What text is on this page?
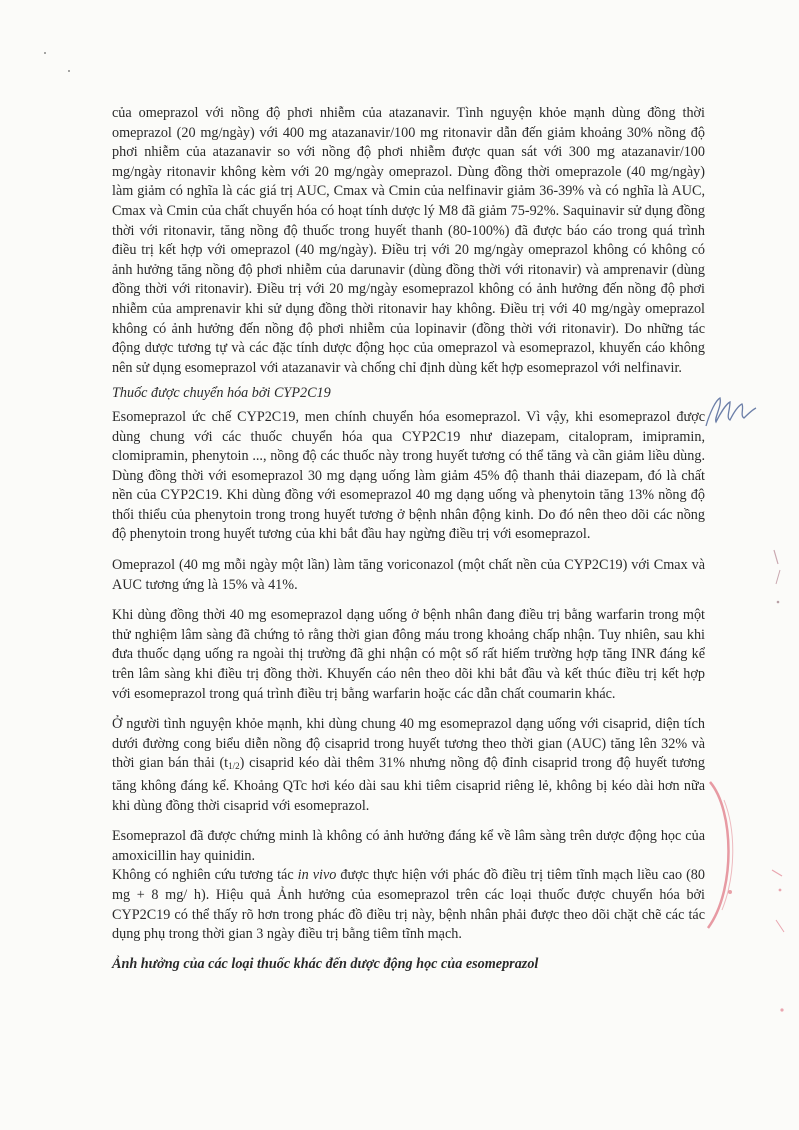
của omeprazol với nồng độ phơi nhiễm của atazanavir. Tình nguyện khỏe mạnh dùng đồng thời omeprazol (20 mg/ngày) với 400 mg atazanavir/100 mg ritonavir dẫn đến giảm khoảng 30% nồng độ phơi nhiễm của atazanavir so với nồng độ phơi nhiễm được quan sát với 300 mg atazanavir/100 mg/ngày ritonavir không kèm với 20 mg/ngày omeprazol. Dùng đồng thời omeprazole (40 mg/ngày) làm giảm có nghĩa là các giá trị AUC, Cmax và Cmin của nelfinavir giảm 36-39% và có nghĩa là AUC, Cmax và Cmin của chất chuyển hóa có hoạt tính dược lý M8 đã giảm 75-92%. Saquinavir sử dụng đồng thời với ritonavir, tăng nồng độ thuốc trong huyết thanh (80-100%) đã được báo cáo trong quá trình điều trị kết hợp với omeprazol (40 mg/ngày). Điều trị với 20 mg/ngày omeprazol không có không có ảnh hưởng tăng nồng độ phơi nhiễm của darunavir (dùng đồng thời với ritonavir) và amprenavir (dùng đồng thời với ritonavir). Điều trị với 20 mg/ngày esomeprazol không có ảnh hưởng đến nồng độ phơi nhiễm của amprenavir khi sử dụng đồng thời ritonavir hay không. Điều trị với 40 mg/ngày omeprazol không có ảnh hưởng đến nồng độ phơi nhiễm của lopinavir (đồng thời với ritonavir). Do những tác động dược tương tự và các đặc tính dược động học của omeprazol và esomeprazol, khuyến cáo không nên sử dụng esomeprazol với atazanavir và chống chỉ định dùng kết hợp esomeprazol với nelfinavir.

Thuốc được chuyển hóa bởi CYP2C19

Esomeprazol ức chế CYP2C19, men chính chuyển hóa esomeprazol. Vì vậy, khi esomeprazol được dùng chung với các thuốc chuyển hóa qua CYP2C19 như diazepam, citalopram, imipramin, clomipramin, phenytoin ..., nồng độ các thuốc này trong huyết tương có thể tăng và cần giảm liều dùng. Dùng đồng thời với esomeprazol 30 mg dạng uống làm giảm 45% độ thanh thải diazepam, đó là chất nền của CYP2C19. Khi dùng đồng với esomeprazol 40 mg dạng uống và phenytoin tăng 13% nồng độ thối thiểu của phenytoin trong trong huyết tương ở bệnh nhân động kinh. Do đó nên theo dõi các nồng độ phenytoin trong huyết tương của khi bắt đầu hay ngừng điều trị với esomeprazol.

Omeprazol (40 mg mỗi ngày một lần) làm tăng voriconazol (một chất nền của CYP2C19) với Cmax và AUC tương ứng là 15% và 41%.

Khi dùng đồng thời 40 mg esomeprazol dạng uống ở bệnh nhân đang điều trị bằng warfarin trong một thử nghiệm lâm sàng đã chứng tỏ rằng thời gian đông máu trong khoảng chấp nhận. Tuy nhiên, sau khi đưa thuốc dạng uống ra ngoài thị trường đã ghi nhận có một số rất hiếm trường hợp tăng INR đáng kể trên lâm sàng khi điều trị đồng thời. Khuyến cáo nên theo dõi khi bắt đầu và kết thúc điều trị kết hợp với esomeprazol trong quá trình điều trị bằng warfarin hoặc các dẫn chất coumarin khác.

Ở người tình nguyện khỏe mạnh, khi dùng chung 40 mg esomeprazol dạng uống với cisaprid, diện tích dưới đường cong biểu diễn nồng độ cisaprid trong huyết tương theo thời gian (AUC) tăng lên 32% và thời gian bán thải $(t_{1/2})$ cisaprid kéo dài thêm 31% nhưng nồng độ đỉnh cisaprid trong độ huyết tương tăng không đáng kể. Khoảng QTc hơi kéo dài sau khi tiêm cisaprid riêng lẻ, không bị kéo dài hơn nữa khi dùng đồng thời cisaprid với esomeprazol.

Esomeprazol đã được chứng minh là không có ảnh hưởng đáng kể về lâm sàng trên dược động học của amoxicillin hay quinidin.

Không có nghiên cứu tương tác in vivo được thực hiện với phác đồ điều trị tiêm tĩnh mạch liều cao (80 mg + 8 mg/ h). Hiệu quả Ảnh hưởng của esomeprazol trên các loại thuốc được chuyển hóa bởi CYP2C19 có thể thấy rõ hơn trong phác đồ điều trị này, bệnh nhân phải được theo dõi chặt chẽ các tác dụng phụ trong thời gian 3 ngày điều trị bằng tiêm tĩnh mạch.

Ảnh hưởng của các loại thuốc khác đến dược động học của esomeprazol
